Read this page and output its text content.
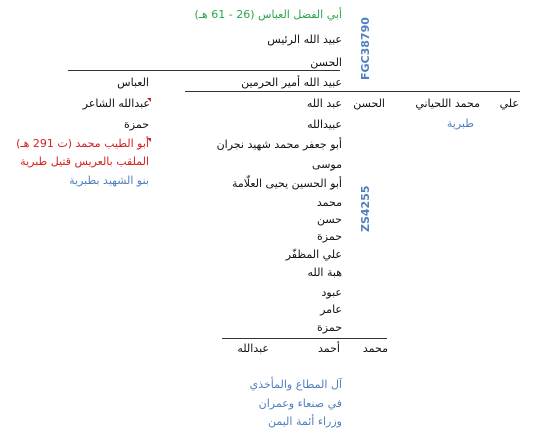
أبي الفضل العباس (26 - 61 هـ)
عبيد الله الرئيس
الحسن FGC38790
عبيد الله أمير الحرمين
علي
محمد اللحياني
طبرية
الحسن
عبد الله
عبيدالله
أبو جعفر محمد شهيد نجران
موسى
أبو الحسين يحيى العلّامة
محمد
حسن
حمزة
علي المظفّر
هبة الله
عبود
عامر
حمزة
ZS4255
محمد
أحمد
عبدالله
آل المطاع والمأخذي
في صنعاء وعمران
وزراء أئمة اليمن
العباس
عبدالله الشاعر
حمزة
أبو الطيب محمد (ت 291 هـ)
الملقب بالعريس قتيل طبرية
بنو الشهيد بطبرية
